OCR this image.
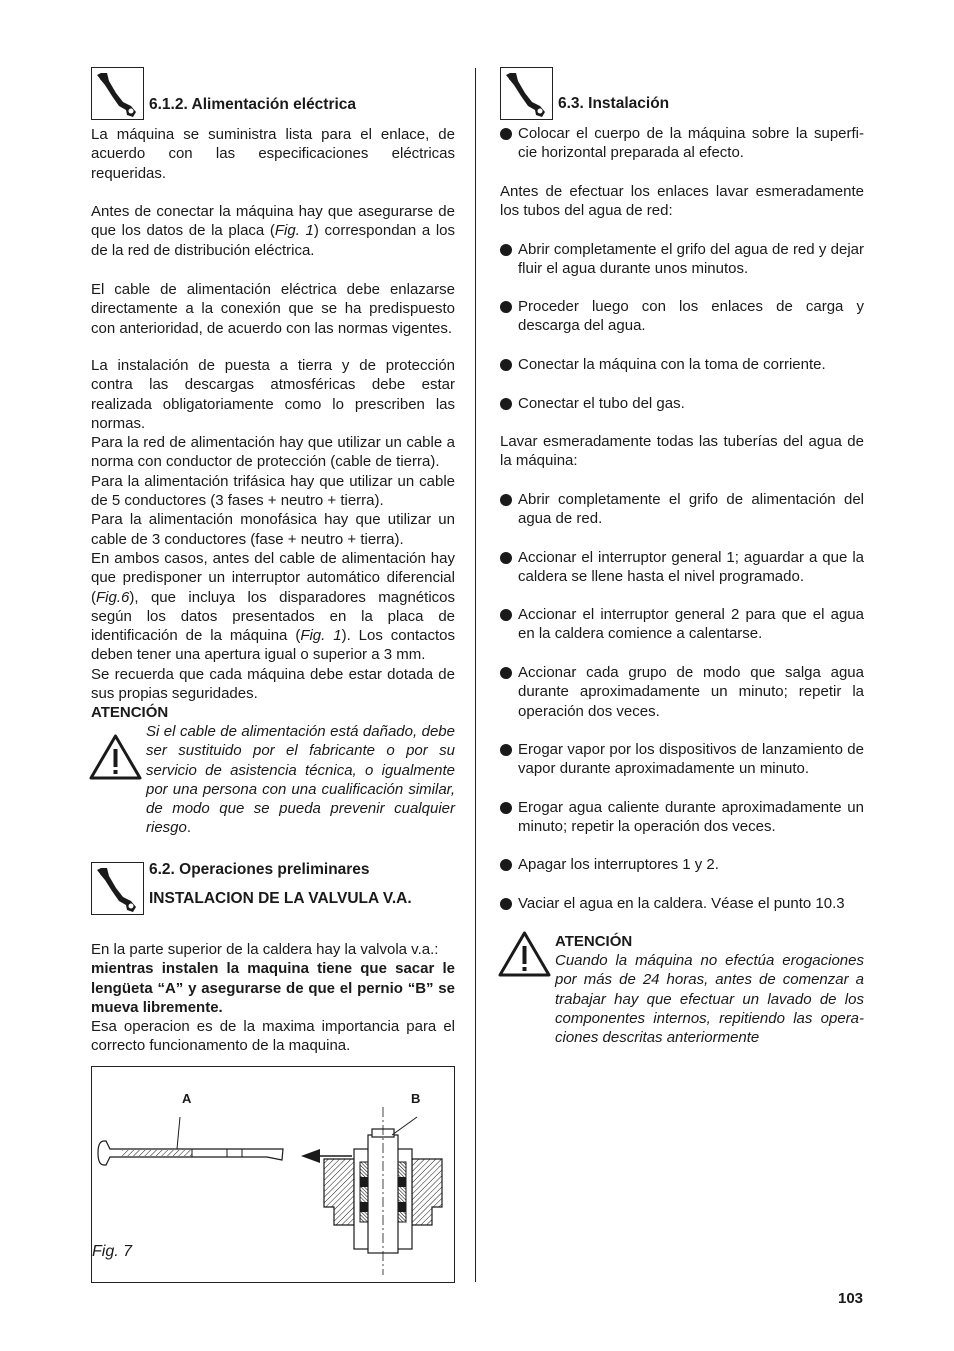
6.1.2. Alimentación eléctrica
La máquina se suministra lista para el enlace, de acuerdo con las especificaciones eléctricas requeridas.
Antes de conectar la máquina hay que asegurarse de que los datos de la placa (Fig. 1) correspondan a los de la red de distribución eléctrica.
El cable de alimentación eléctrica debe enlazarse directamente a la conexión que se ha predispuesto con anterioridad, de acuerdo con las normas vigentes.
La instalación de puesta a tierra y de protección contra las descargas atmosféricas debe estar realizada obligatoriamente como lo prescriben las normas.
Para la red de alimentación hay que utilizar un cable a norma con conductor de protección (cable de tierra).
Para la alimentación trifásica hay que utilizar un cable de 5 conductores (3 fases + neutro + tierra).
Para la alimentación monofásica hay que utilizar un cable de 3 conductores (fase + neutro + tierra).
En ambos casos, antes del cable de alimentación hay que predisponer un interruptor automático diferencial (Fig.6), que incluya los disparadores magnéticos según los datos presentados en la placa de identificación de la máquina (Fig. 1). Los contactos deben tener una apertura igual o superior a 3 mm.
Se recuerda que cada máquina debe estar dotada de sus propias seguridades.
ATENCIÓN
Si el cable de alimentación está dañado, debe ser sustituido por el fabricante o por su servicio de asistencia técnica, o igualmente por una persona con una cualificación similar, de modo que se pueda prevenir cualquier riesgo.
6.2. Operaciones preliminares
INSTALACION DE LA VALVULA V.A.
En la parte superior de la caldera hay la valvola v.a.:
mientras instalen la maquina tiene que sacar le lengüeta “A” y asegurarse de que el pernio “B” se mueva libremente.
Esa operacion es de la maxima importancia para el correcto funcionamento de la maquina.
A	B
Fig. 7
6.3. Instalación
Colocar el cuerpo de la máquina sobre la superfi-cie horizontal preparada al efecto.
Antes de efectuar los enlaces lavar esmeradamente los tubos del agua de red:
Abrir completamente el grifo del agua de red y dejar fluir el agua durante unos minutos.
Proceder luego con los enlaces de carga y descarga del agua.
Conectar la máquina con la toma de corriente.
Conectar el tubo del gas.
Lavar esmeradamente todas las tuberías del agua de la máquina:
Abrir completamente el grifo de alimentación del agua de red.
Accionar el interruptor general 1; aguardar a que la caldera se llene hasta el nivel programado.
Accionar el interruptor general 2 para que el agua en la caldera comience a calentarse.
Accionar cada grupo de modo que salga agua durante aproximadamente un minuto; repetir la operación dos veces.
Erogar vapor por los dispositivos de lanzamiento de vapor durante aproximadamente un minuto.
Erogar agua caliente durante aproximadamente un minuto; repetir la operación dos veces.
Apagar los interruptores 1 y 2.
Vaciar el agua en la caldera. Véase el punto 10.3
ATENCIÓN
Cuando la máquina no efectúa erogaciones por más de 24 horas, antes de comenzar a trabajar hay que efectuar un lavado de los componentes internos, repitiendo las opera-ciones descritas anteriormente
103
